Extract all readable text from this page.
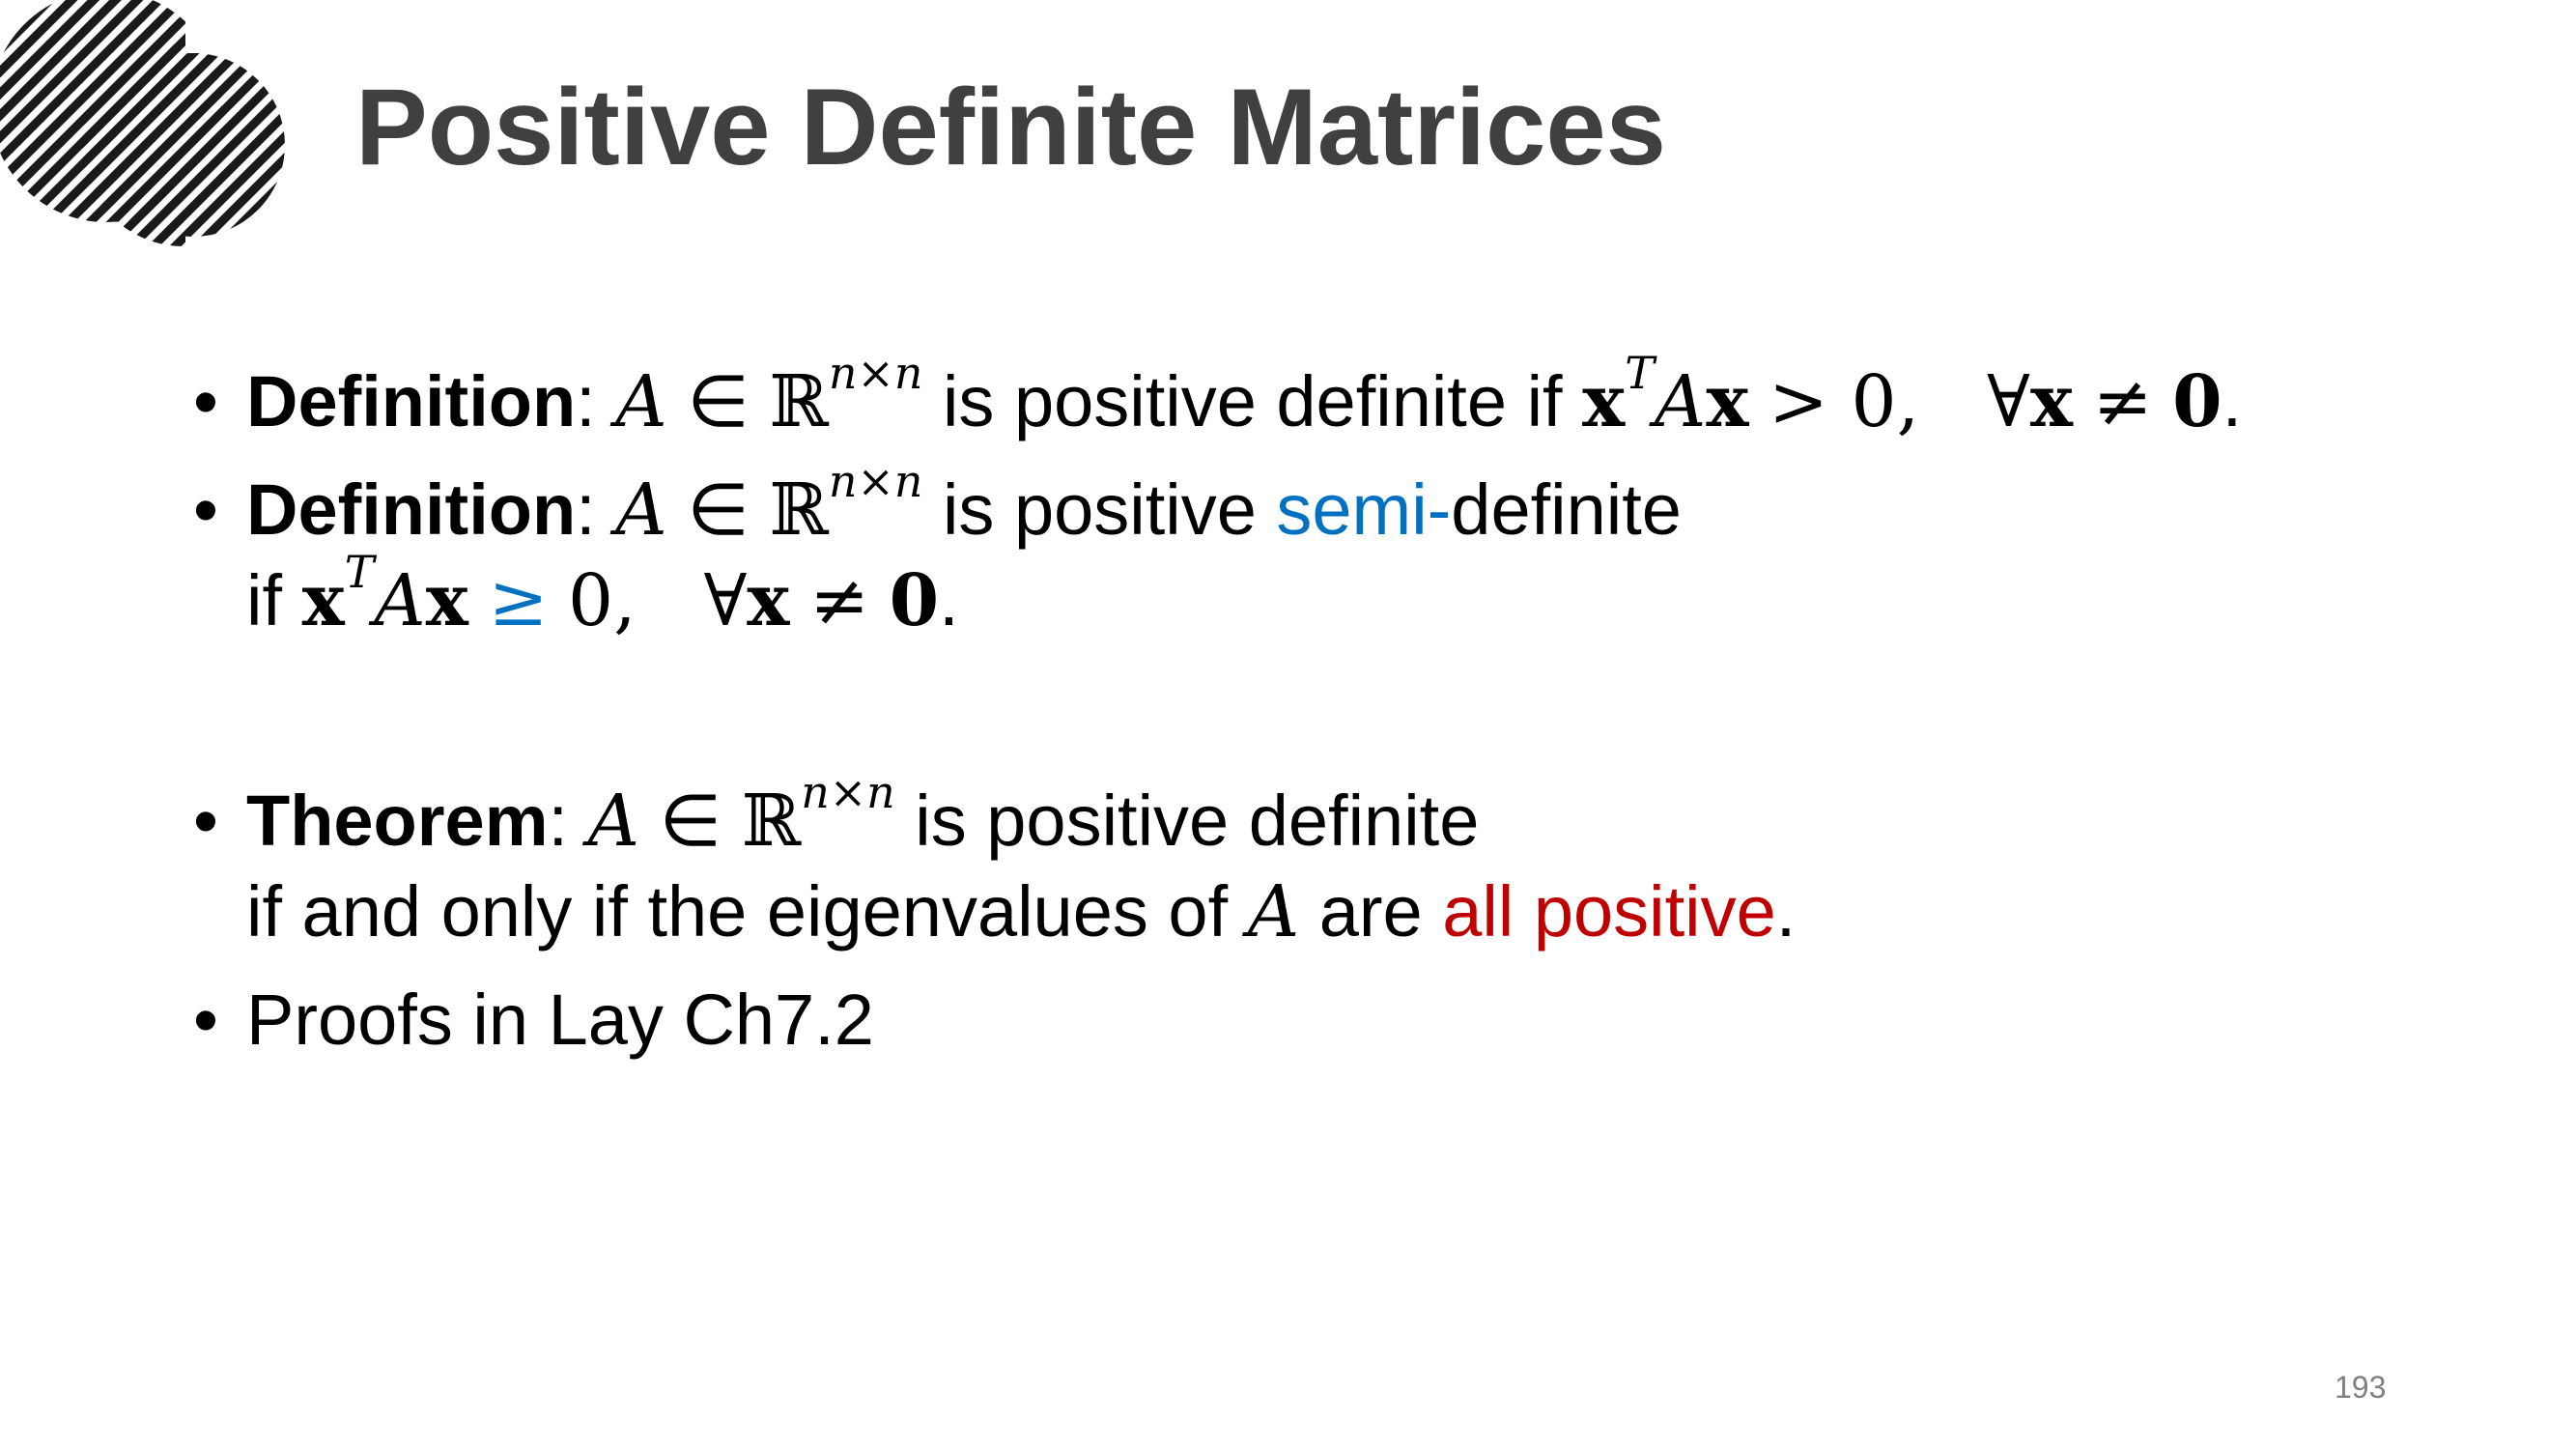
Positive Definite Matrices
• Definition: A ∈ ℝ$^{n\times n}$ is positive definite if $x^TAx > 0$, ∀x ≠ 0.
• Definition: A ∈ ℝ$^{n\times n}$ is positive semi-definite
if $x^TAx \ge 0$, ∀x ≠ 0.
• Theorem: A ∈ ℝ$^{n\times n}$ is positive definite
if and only if the eigenvalues of A are all positive.
• Proofs in Lay Ch7.2
193
